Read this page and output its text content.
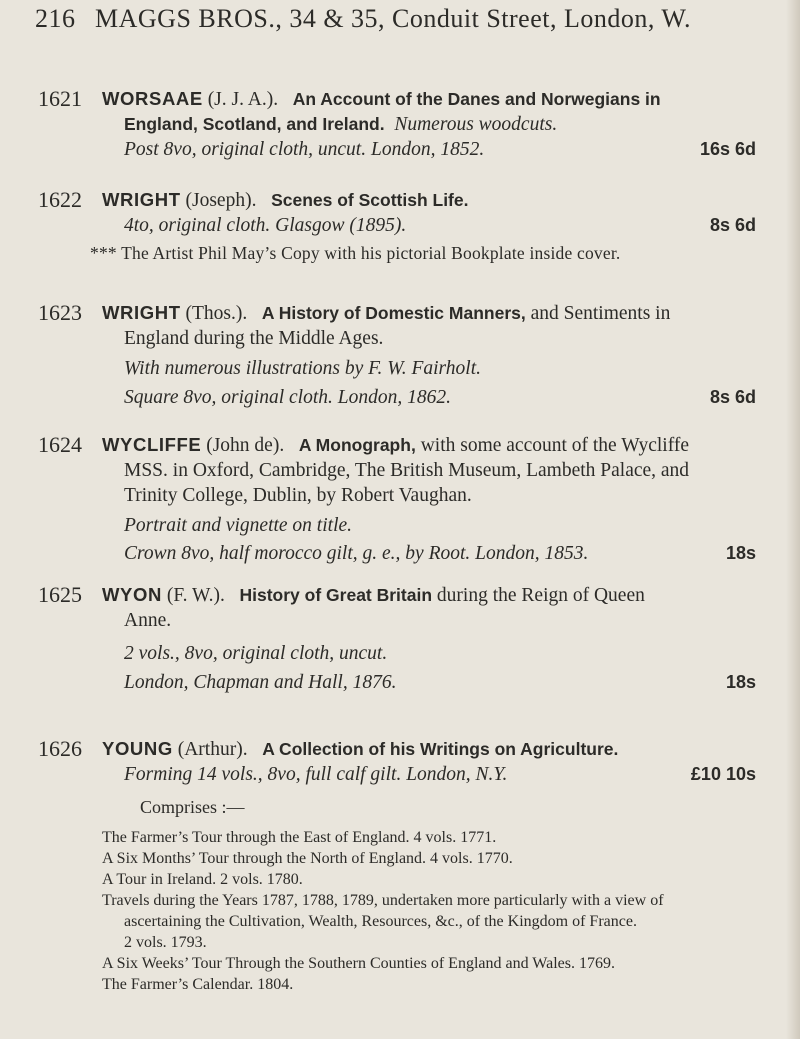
216 MAGGS BROS., 34 & 35, Conduit Street, London, W.
1621	WORSAAE (J. J. A.). An Account of the Danes and Norwegians in
England, Scotland, and Ireland. Numerous woodcuts.
Post 8vo, original cloth, uncut. London, 1852.	16s 6d
1622	WRIGHT (Joseph). Scenes of Scottish Life.
4to, original cloth. Glasgow (1895).	8s 6d
*** The Artist Phil May’s Copy with his pictorial Bookplate inside cover.
1623	WRIGHT (Thos.). A History of Domestic Manners, and Sentiments in
England during the Middle Ages.
With numerous illustrations by F. W. Fairholt.
Square 8vo, original cloth. London, 1862.	8s 6d
1624	WYCLIFFE (John de). A Monograph, with some account of the Wycliffe
MSS. in Oxford, Cambridge, The British Museum, Lambeth Palace, and
Trinity College, Dublin, by Robert Vaughan.
Portrait and vignette on title.
Crown 8vo, half morocco gilt, g. e., by Root. London, 1853.	18s
1625	WYON (F. W.). History of Great Britain during the Reign of Queen
Anne.
2 vols., 8vo, original cloth, uncut.
London, Chapman and Hall, 1876.	18s
1626	YOUNG (Arthur). A Collection of his Writings on Agriculture.
Forming 14 vols., 8vo, full calf gilt. London, N.Y.	£10 10s
Comprises :—
The Farmer’s Tour through the East of England. 4 vols. 1771.
A Six Months’ Tour through the North of England. 4 vols. 1770.
A Tour in Ireland. 2 vols. 1780.
Travels during the Years 1787, 1788, 1789, undertaken more particularly with a view of
ascertaining the Cultivation, Wealth, Resources, &c., of the Kingdom of France.
2 vols. 1793.
A Six Weeks’ Tour Through the Southern Counties of England and Wales. 1769.
The Farmer’s Calendar. 1804.
